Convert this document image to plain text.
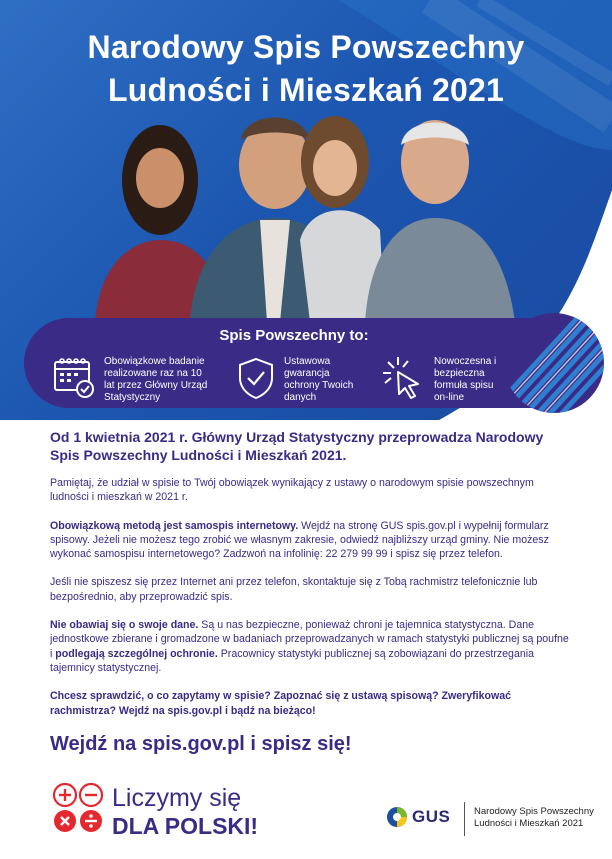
Narodowy Spis Powszechny
Ludności i Mieszkań 2021
Spis Powszechny to:
Obowiązkowe badanie realizowane raz na 10 lat przez Główny Urząd Statystyczny
Ustawowa gwarancja ochrony Twoich danych
Nowoczesna i bezpieczna formuła spisu on-line
Od 1 kwietnia 2021 r. Główny Urząd Statystyczny przeprowadza Narodowy Spis Powszechny Ludności i Mieszkań 2021.

Pamiętaj, że udział w spisie to Twój obowiązek wynikający z ustawy o narodowym spisie powszechnym ludności i mieszkań w 2021 r.

Obowiązkową metodą jest samospis internetowy. Wejdź na stronę GUS spis.gov.pl i wypełnij formularz spisowy. Jeżeli nie możesz tego zrobić we własnym zakresie, odwiedź najbliższy urząd gminy. Nie możesz wykonać samospisu internetowego? Zadzwoń na infolinię: 22 279 99 99 i spisz się przez telefon.

Jeśli nie spiszesz się przez Internet ani przez telefon, skontaktuje się z Tobą rachmistrz telefonicznie lub bezpośrednio, aby przeprowadzić spis.

Nie obawiaj się o swoje dane. Są u nas bezpieczne, ponieważ chroni je tajemnica statystyczna. Dane jednostkowe zbierane i gromadzone w badaniach przeprowadzanych w ramach statystyki publicznej są poufne i podlegają szczególnej ochronie. Pracownicy statystyki publicznej są zobowiązani do przestrzegania tajemnicy statystycznej.

Chcesz sprawdzić, o co zapytamy w spisie? Zapoznać się z ustawą spisową? Zweryfikować rachmistrza? Wejdź na spis.gov.pl i bądź na bieżąco!

Wejdź na spis.gov.pl i spisz się!
Liczymy się
DLA POLSKI!	GUS Narodowy Spis Powszechny
Ludności i Mieszkań 2021
